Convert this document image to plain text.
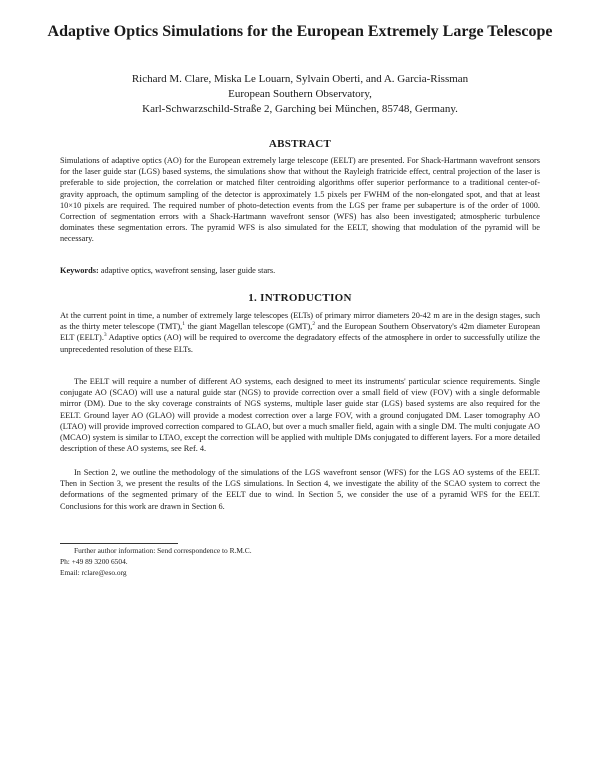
Adaptive Optics Simulations for the European Extremely Large Telescope
Richard M. Clare, Miska Le Louarn, Sylvain Oberti, and A. Garcia-Rissman
European Southern Observatory,
Karl-Schwarzschild-Straße 2, Garching bei München, 85748, Germany.
ABSTRACT

Simulations of adaptive optics (AO) for the European extremely large telescope (EELT) are presented. For Shack-Hartmann wavefront sensors for the laser guide star (LGS) based systems, the simulations show that without the Rayleigh fratricide effect, central projection of the laser is preferable to side projection, the correlation or matched filter centroiding algorithms offer superior performance to a traditional center-of-gravity approach, the optimum sampling of the detector is approximately 1.5 pixels per FWHM of the non-elongated spot, and that at least 10×10 pixels are required. The required number of photo-detection events from the LGS per frame per subaperture is of the order of 1000. Correction of segmentation errors with a Shack-Hartmann wavefront sensor (WFS) has also been investigated; atmospheric turbulence dominates these segmentation errors. The pyramid WFS is also simulated for the EELT, showing that modulation of the pyramid will be necessary.

Keywords: adaptive optics, wavefront sensing, laser guide stars.

1. INTRODUCTION

At the current point in time, a number of extremely large telescopes (ELTs) of primary mirror diameters 20-42 m are in the design stages, such as the thirty meter telescope (TMT),$^1$ the giant Magellan telescope (GMT),$^2$ and the European Southern Observatory's 42m diameter European ELT (EELT).$^3$ Adaptive optics (AO) will be required to overcome the degradatory effects of the atmosphere in order to successfully utilize the unprecedented resolution of these ELTs.

The EELT will require a number of different AO systems, each designed to meet its instruments' particular science requirements. Single conjugate AO (SCAO) will use a natural guide star (NGS) to provide correction over a small field of view (FOV) with a single deformable mirror (DM). Due to the sky coverage constraints of NGS systems, multiple laser guide star (LGS) based systems are also required for the EELT. Ground layer AO (GLAO) will provide a modest correction over a large FOV, with a ground conjugated DM. Laser tomography AO (LTAO) will provide improved correction compared to GLAO, but over a much smaller field, again with a single DM. The multi conjugate AO (MCAO) system is similar to LTAO, except the correction will be applied with multiple DMs conjugated to different layers. For a more detailed description of these AO systems, see Ref. 4.

In Section 2, we outline the methodology of the simulations of the LGS wavefront sensor (WFS) for the LGS AO systems of the EELT. Then in Section 3, we present the results of the LGS simulations. In Section 4, we investigate the ability of the SCAO system to correct the deformations of the segmented primary of the EELT due to wind. In Section 5, we consider the use of a pyramid WFS for the EELT. Conclusions for this work are drawn in Section 6.

Further author information: Send correspondence to R.M.C.
Ph: +49 89 3200 6504.
Email: rclare@eso.org
